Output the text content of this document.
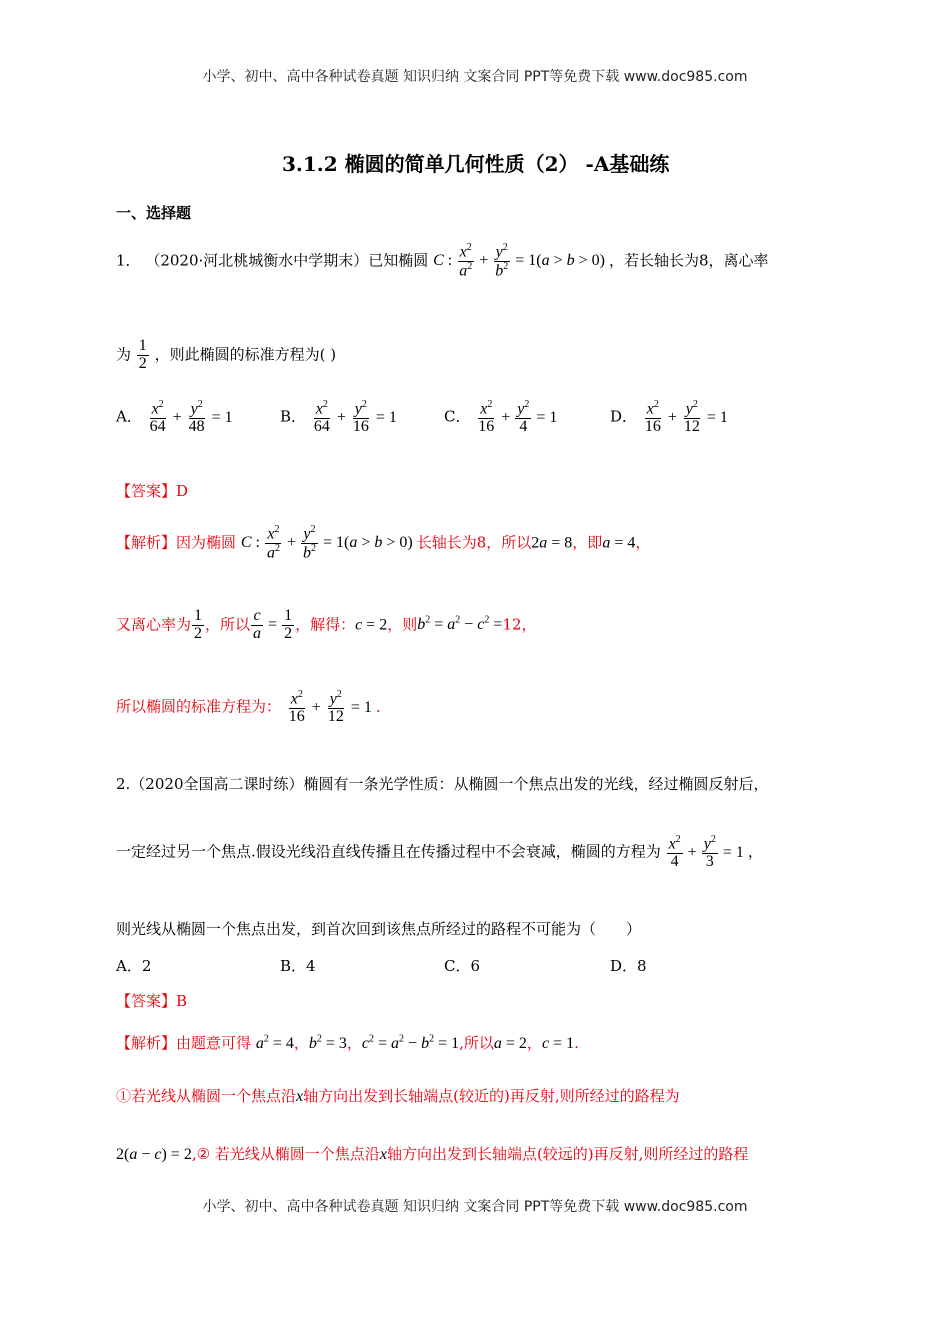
小学、初中、高中各种试卷真题 知识归纳 文案合同 PPT等免费下载 www.doc985.com
3.1.2 椭圆的简单几何性质（2） -A基础练
一、选择题
1． （2020·河北桃城衡水中学期末）已知椭圆 C : $\frac{x^2}{a^2} + \frac{y^2}{b^2} = 1(a > b > 0)$ ，若长轴长为8，离心率
为 $\frac{1}{2}$ ，则此椭圆的标准方程为( )
A． $\frac{x^2}{64} + \frac{y^2}{48} = 1$	B． $\frac{x^2}{64} + \frac{y^2}{16} = 1$	C． $\frac{x^2}{16} + \frac{y^2}{4} = 1$	D． $\frac{x^2}{16} + \frac{y^2}{12} = 1$
【答案】D
【解析】因为椭圆 C : $\frac{x^2}{a^2} + \frac{y^2}{b^2} = 1(a > b > 0)$ 长轴长为8，所以2a = 8，即a = 4，
又离心率为 $\frac{1}{2}$ ，所以 $\frac{c}{a} = \frac{1}{2}$ ，解得：c = 2，则$b^2 = a^2 - c^2 =12$，
所以椭圆的标准方程为： $\frac{x^2}{16} + \frac{y^2}{12} = 1$ ．
2.（2020全国高二课时练）椭圆有一条光学性质：从椭圆一个焦点出发的光线，经过椭圆反射后，
一定经过另一个焦点.假设光线沿直线传播且在传播过程中不会衰减，椭圆的方程为 $\frac{x^2}{4} + \frac{y^2}{3} = 1$ ，
则光线从椭圆一个焦点出发，到首次回到该焦点所经过的路程不可能为（　　）
A．2	B．4	C．6	D．8
【答案】B
【解析】由题意可得 $a^2 = 4$，$b^2 = 3$，$c^2 = a^2 - b^2 = 1$,所以a = 2，c = 1.
①若光线从椭圆一个焦点沿x轴方向出发到长轴端点(较近的)再反射,则所经过的路程为
2(a − c) = 2,② 若光线从椭圆一个焦点沿x轴方向出发到长轴端点(较远的)再反射,则所经过的路程
小学、初中、高中各种试卷真题 知识归纳 文案合同 PPT等免费下载 www.doc985.com
